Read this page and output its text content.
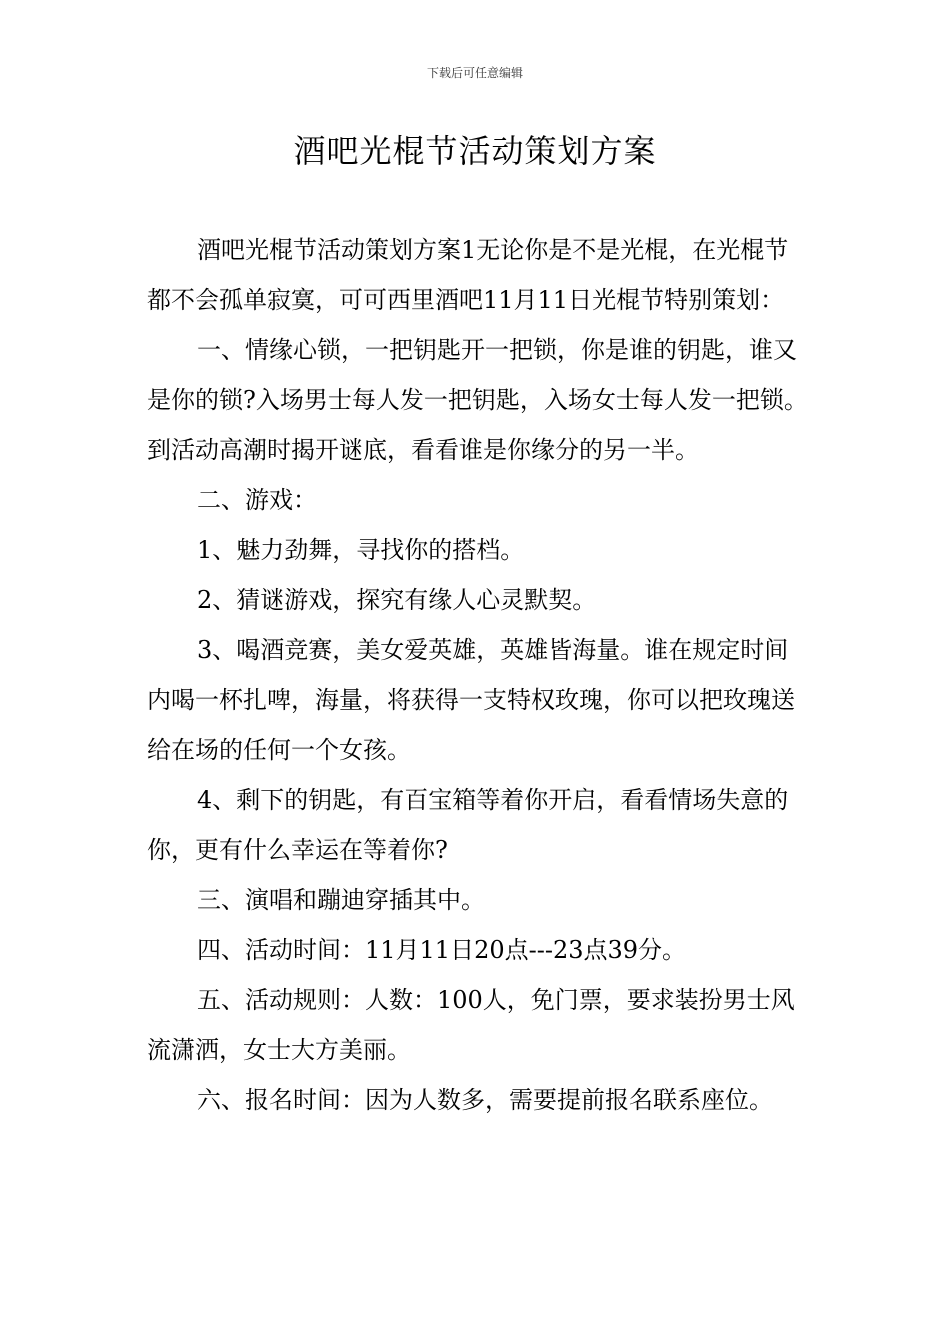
下载后可任意编辑
酒吧光棍节活动策划方案

酒吧光棍节活动策划方案1无论你是不是光棍，在光棍节都不会孤单寂寞，可可西里酒吧11月11日光棍节特别策划：

一、情缘心锁，一把钥匙开一把锁，你是谁的钥匙，谁又是你的锁?入场男士每人发一把钥匙，入场女士每人发一把锁。到活动高潮时揭开谜底，看看谁是你缘分的另一半。

二、游戏：

1、魅力劲舞，寻找你的搭档。

2、猜谜游戏，探究有缘人心灵默契。

3、喝酒竞赛，美女爱英雄，英雄皆海量。谁在规定时间内喝一杯扎啤，海量，将获得一支特权玫瑰，你可以把玫瑰送给在场的任何一个女孩。

4、剩下的钥匙，有百宝箱等着你开启，看看情场失意的你，更有什么幸运在等着你?

三、演唱和蹦迪穿插其中。

四、活动时间：11月11日20点---23点39分。

五、活动规则：人数：100人，免门票，要求装扮男士风流潇洒，女士大方美丽。

六、报名时间：因为人数多，需要提前报名联系座位。
